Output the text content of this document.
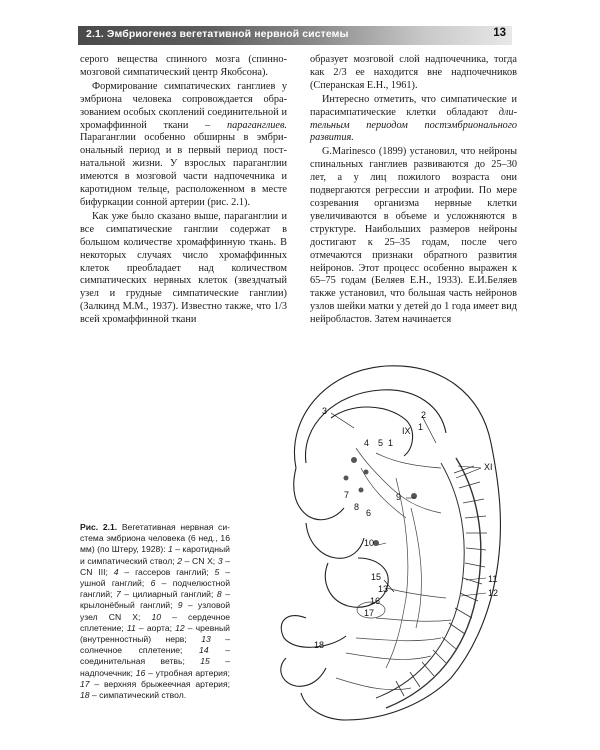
2.1. Эмбриогенез вегетативной нервной системы	13

серого вещества спинного мозга (спинномозговой симпатический центр Якобсона).

Формирование симпатических ганглиев у эмбриона человека сопровождается образованием особых скоплений соединительной и хромаффинной ткани – параганглиев. Параганглии особенно обширны в эмбриональный период и в первый период постнатальной жизни. У взрослых параганглии имеются в мозговой части надпочечника и каротидном тельце, расположенном в месте бифуркации сонной артерии (рис. 2.1).

Как уже было сказано выше, параганглии и все симпатические ганглии содержат в большом количестве хромаффинную ткань. В некоторых случаях число хромаффинных клеток преобладает над количеством симпатических нервных клеток (звездчатый узел и грудные симпатические ганглии) (Залкинд М.М., 1937). Известно также, что 1/3 всей хромаффинной ткани

образует мозговой слой надпочечника, тогда как 2/3 ее находится вне надпочечников (Сперанская Е.Н., 1961).

Интересно отметить, что симпатические и парасимпатические клетки обладают длительным периодом постэмбрионального развития.

G.Marinesco (1899) установил, что нейроны спинальных ганглиев развиваются до 25–30 лет, а у лиц пожилого возраста они подвергаются регрессии и атрофии. По мере созревания организма нервные клетки увеличиваются в объеме и усложняются в структуре. Наибольших размеров нейроны достигают к 25–35 годам, после чего отмечаются признаки обратного развития нейронов. Этот процесс особенно выражен к 65–75 годам (Беляев Е.Н., 1933). Е.И.Беляев также установил, что большая часть нейронов узлов шейки матки у детей до 1 года имеет вид нейробластов. Затем начинается

Рис. 2.1. Вегетативная нервная система эмбриона человека (6 нед., 16 мм) (по Штеру, 1928): 1 – каротидный и симпатический ствол; 2 – CN X; 3 – CN III; 4 – гассеров ганглий; 5 – ушной ганглий; 6 – подчелюстной ганглий; 7 – цилиарный ганглий; 8 – крылонёбный ганглий; 9 – узловой узел CN X; 10 – сердечное сплетение; 11 – аорта; 12 – чревный (внутренностный) нерв; 13 – солнечное сплетение; 14 – соединительная ветвь; 15 – надпочечник; 16 – утробная артерия; 17 – верхняя брыжеечная артерия; 18 – симпатический ствол.
3	2
1
IX
4 5 1
XI
7
8
9
6
10
15
13
16
17
11
12
18
